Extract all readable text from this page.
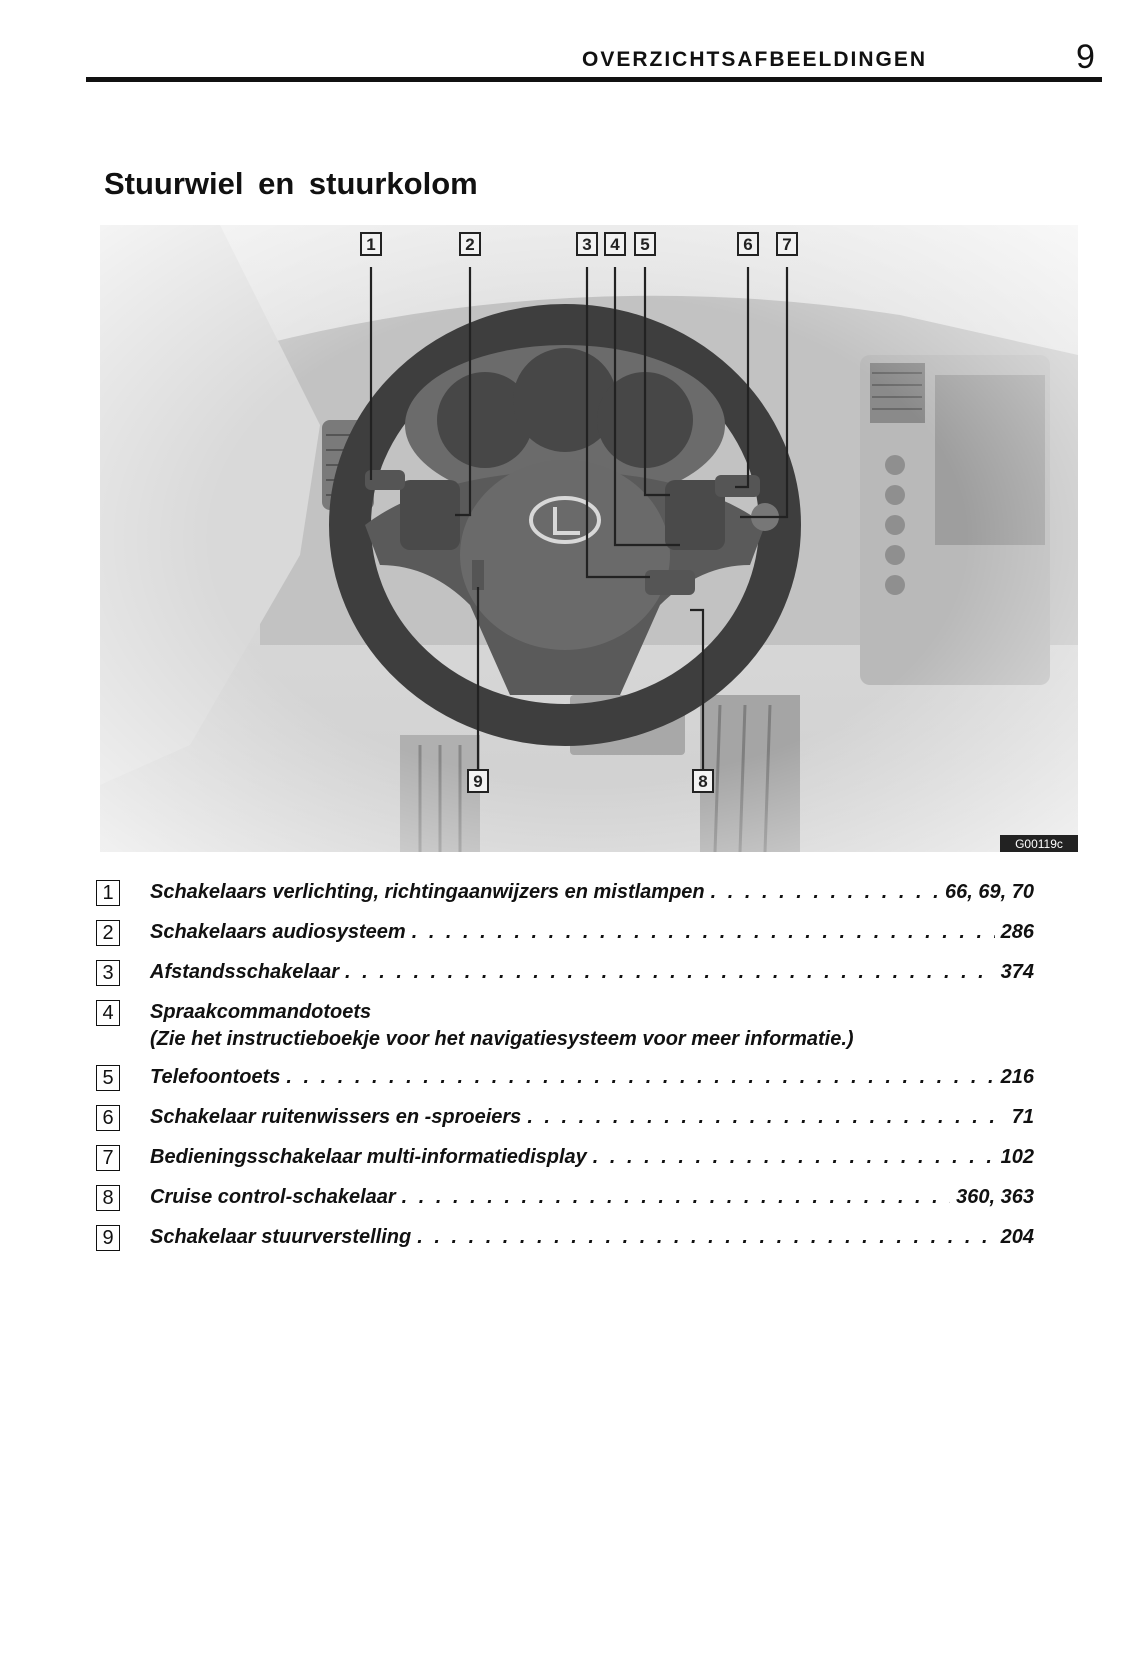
OVERZICHTSAFBEELDINGEN	9
Stuurwiel en stuurkolom
1	2	3 4 5	6 7
8
9
G00119c
1	Schakelaars verlichting, richtingaanwijzers en mistlampen . . .	66, 69, 70
2	Schakelaars audiosysteem . . .	286
3	Afstandsschakelaar . . .	374
4	Spraakcommandotoets
(Zie het instructieboekje voor het navigatiesysteem voor meer informatie.)
5	Telefoontoets . . .	216
6	Schakelaar ruitenwissers en -sproeiers . . .	71
7	Bedieningsschakelaar multi-informatiedisplay . . .	102
8	Cruise control-schakelaar . . .	360, 363
9	Schakelaar stuurverstelling . . .	204
